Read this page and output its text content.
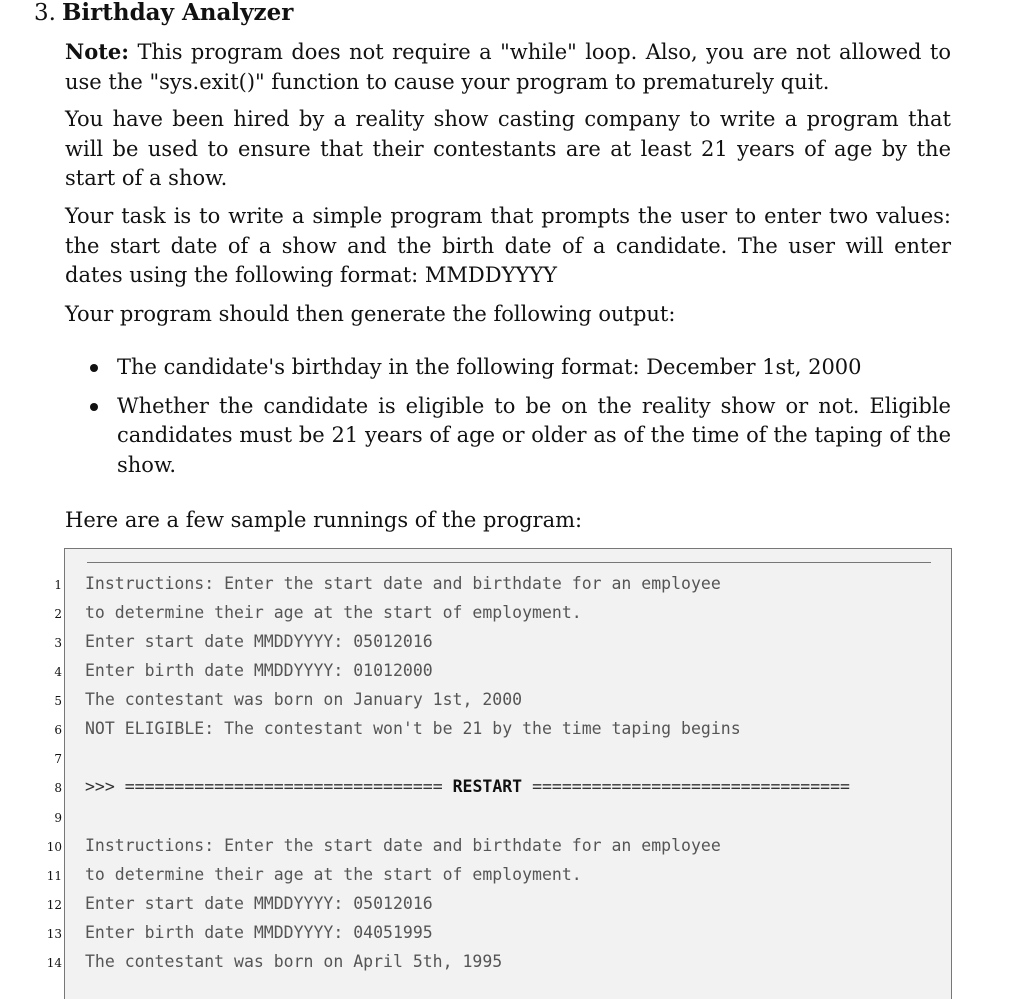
3. Birthday Analyzer
Note: This program does not require a "while" loop. Also, you are not allowed to use the "sys.exit()" function to cause your program to prematurely quit.
You have been hired by a reality show casting company to write a program that will be used to ensure that their contestants are at least 21 years of age by the start of a show.
Your task is to write a simple program that prompts the user to enter two values: the start date of a show and the birth date of a candidate. The user will enter dates using the following format: MMDDYYYY
Your program should then generate the following output:
The candidate's birthday in the following format: December 1st, 2000
Whether the candidate is eligible to be on the reality show or not. Eligible candidates must be 21 years of age or older as of the time of the taping of the show.
Here are a few sample runnings of the program:
Instructions: Enter the start date and birthdate for an employee
to determine their age at the start of employment.
Enter start date MMDDYYYY: 05012016
Enter birth date MMDDYYYY: 01012000
The contestant was born on January 1st, 2000
NOT ELIGIBLE: The contestant won't be 21 by the time taping begins
>>> ================================ RESTART ================================
Instructions: Enter the start date and birthdate for an employee
to determine their age at the start of employment.
Enter start date MMDDYYYY: 05012016
Enter birth date MMDDYYYY: 04051995
The contestant was born on April 5th, 1995
1
2
3
4
5
6
7
8
9
10
11
12
13
14
